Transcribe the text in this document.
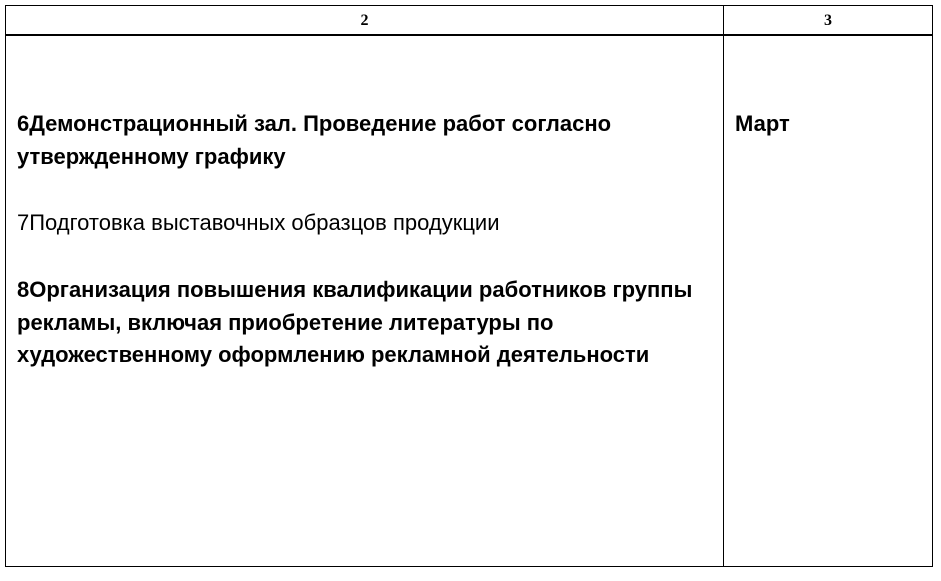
2	3

6Демонстрационный зал. Проведение работ согласно утвержденному графику

7Подготовка выставочных образцов продукции

8Организация повышения квалификации работников группы рекламы, включая приобретение литературы по художественному оформлению рекламной деятельности

Март
